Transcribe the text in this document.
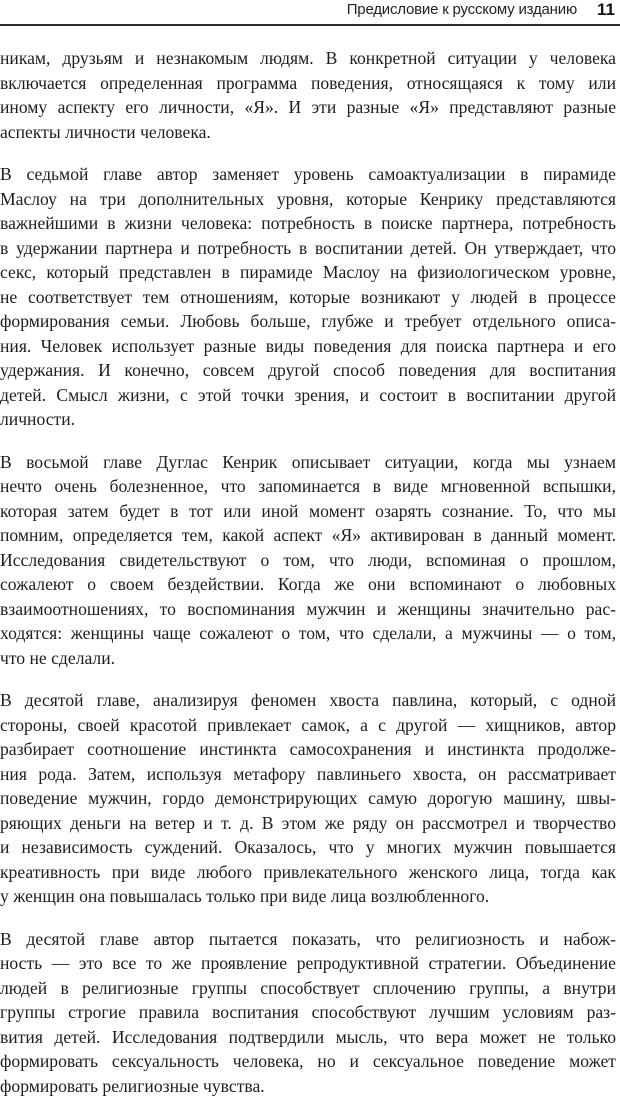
Предисловие к русскому изданию 11
никам, друзьям и незнакомым людям. В конкретной ситуации у человека
включается определенная программа поведения, относящаяся к тому или
иному аспекту его личности, «Я». И эти разные «Я» представляют разные
аспекты личности человека.
В седьмой главе автор заменяет уровень самоактуализации в пирамиде
Маслоу на три дополнительных уровня, которые Кенрику представляются
важнейшими в жизни человека: потребность в поиске партнера, потребность
в удержании партнера и потребность в воспитании детей. Он утверждает, что
секс, который представлен в пирамиде Маслоу на физиологическом уровне,
не соответствует тем отношениям, которые возникают у людей в процессе
формирования семьи. Любовь больше, глубже и требует отдельного описа-
ния. Человек использует разные виды поведения для поиска партнера и его
удержания. И конечно, совсем другой способ поведения для воспитания
детей. Смысл жизни, с этой точки зрения, и состоит в воспитании другой
личности.
В восьмой главе Дуглас Кенрик описывает ситуации, когда мы узнаем
нечто очень болезненное, что запоминается в виде мгновенной вспышки,
которая затем будет в тот или иной момент озарять сознание. То, что мы
помним, определяется тем, какой аспект «Я» активирован в данный момент.
Исследования свидетельствуют о том, что люди, вспоминая о прошлом,
сожалеют о своем бездействии. Когда же они вспоминают о любовных
взаимоотношениях, то воспоминания мужчин и женщины значительно рас-
ходятся: женщины чаще сожалеют о том, что сделали, а мужчины — о том,
что не сделали.
В десятой главе, анализируя феномен хвоста павлина, который, с одной
стороны, своей красотой привлекает самок, а с другой — хищников, автор
разбирает соотношение инстинкта самосохранения и инстинкта продолже-
ния рода. Затем, используя метафору павлиньего хвоста, он рассматривает
поведение мужчин, гордо демонстрирующих самую дорогую машину, швы-
ряющих деньги на ветер и т. д. В этом же ряду он рассмотрел и творчество
и независимость суждений. Оказалось, что у многих мужчин повышается
креативность при виде любого привлекательного женского лица, тогда как
у женщин она повышалась только при виде лица возлюбленного.
В десятой главе автор пытается показать, что религиозность и набож-
ность — это все то же проявление репродуктивной стратегии. Объединение
людей в религиозные группы способствует сплочению группы, а внутри
группы строгие правила воспитания способствуют лучшим условиям раз-
вития детей. Исследования подтвердили мысль, что вера может не только
формировать сексуальность человека, но и сексуальное поведение может
формировать религиозные чувства.
